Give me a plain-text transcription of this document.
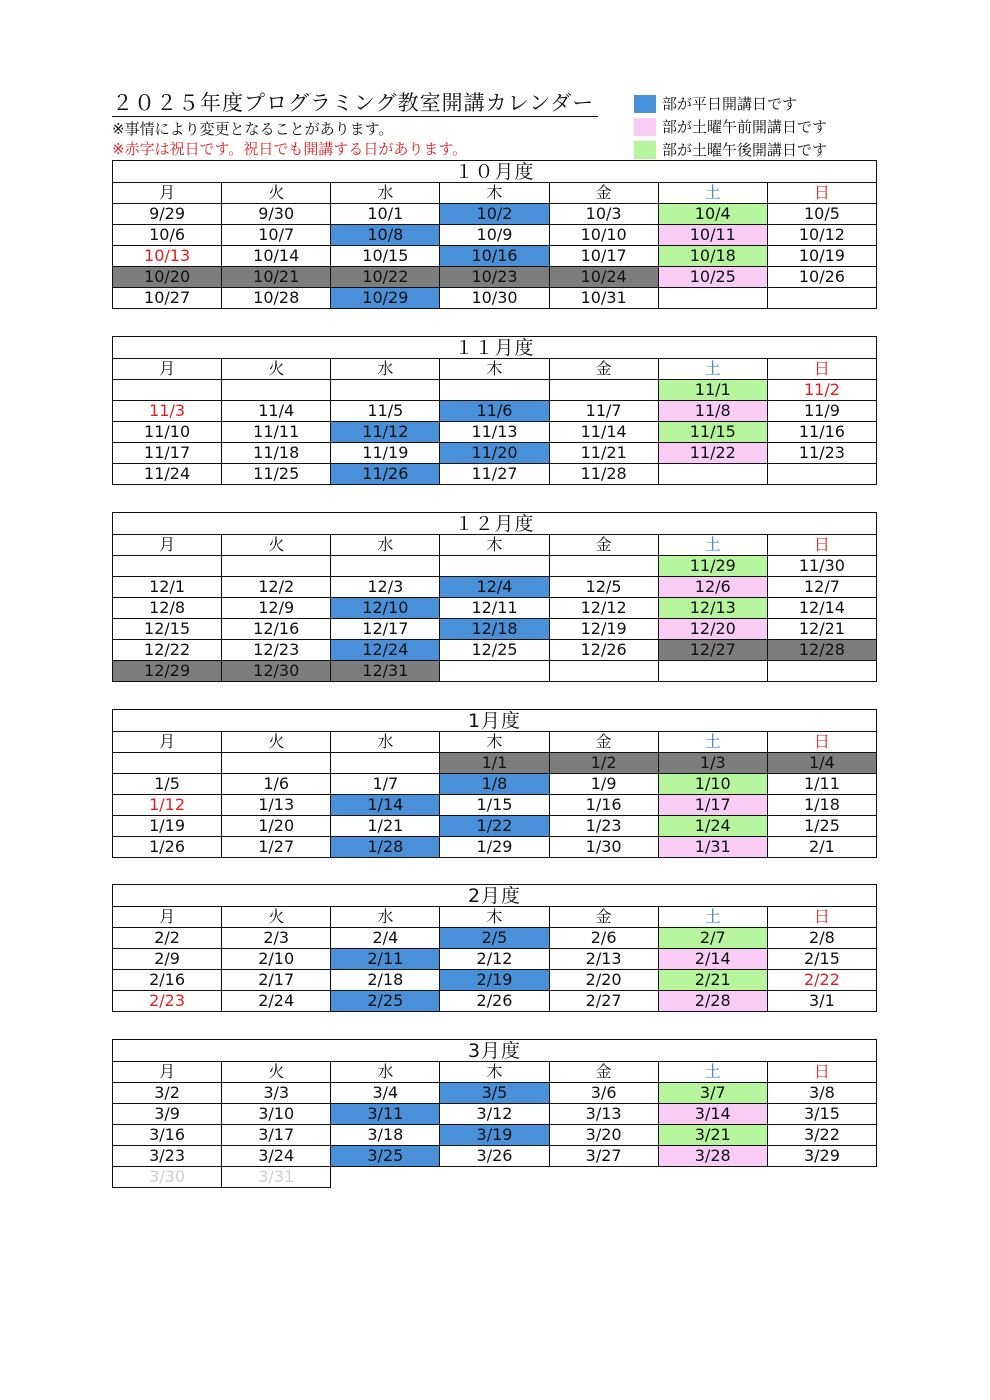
２０２５年度プログラミング教室開講カレンダー
※事情により変更となることがあります。
※赤字は祝日です。祝日でも開講する日があります。
部が平日開講日です
部が土曜午前開講日です
部が土曜午後開講日です
１０月度						
月	火	水	木	金	土	日
9/29	9/30	10/1	10/2	10/3	10/4	10/5
10/6	10/7	10/8	10/9	10/10	10/11	10/12
10/13	10/14	10/15	10/16	10/17	10/18	10/19
10/20	10/21	10/22	10/23	10/24	10/25	10/26
10/27	10/28	10/29	10/30	10/31		
１１月度						
月	火	水	木	金	土	日
					11/1	11/2
11/3	11/4	11/5	11/6	11/7	11/8	11/9
11/10	11/11	11/12	11/13	11/14	11/15	11/16
11/17	11/18	11/19	11/20	11/21	11/22	11/23
11/24	11/25	11/26	11/27	11/28		
１２月度						
月	火	水	木	金	土	日
					11/29	11/30
12/1	12/2	12/3	12/4	12/5	12/6	12/7
12/8	12/9	12/10	12/11	12/12	12/13	12/14
12/15	12/16	12/17	12/18	12/19	12/20	12/21
12/22	12/23	12/24	12/25	12/26	12/27	12/28
12/29	12/30	12/31				
1月度						
月	火	水	木	金	土	日
			1/1	1/2	1/3	1/4
1/5	1/6	1/7	1/8	1/9	1/10	1/11
1/12	1/13	1/14	1/15	1/16	1/17	1/18
1/19	1/20	1/21	1/22	1/23	1/24	1/25
1/26	1/27	1/28	1/29	1/30	1/31	2/1
2月度						
月	火	水	木	金	土	日
2/2	2/3	2/4	2/5	2/6	2/7	2/8
2/9	2/10	2/11	2/12	2/13	2/14	2/15
2/16	2/17	2/18	2/19	2/20	2/21	2/22
2/23	2/24	2/25	2/26	2/27	2/28	3/1
3月度						
月	火	水	木	金	土	日
3/2	3/3	3/4	3/5	3/6	3/7	3/8
3/9	3/10	3/11	3/12	3/13	3/14	3/15
3/16	3/17	3/18	3/19	3/20	3/21	3/22
3/23	3/24	3/25	3/26	3/27	3/28	3/29
3/30	3/31					
